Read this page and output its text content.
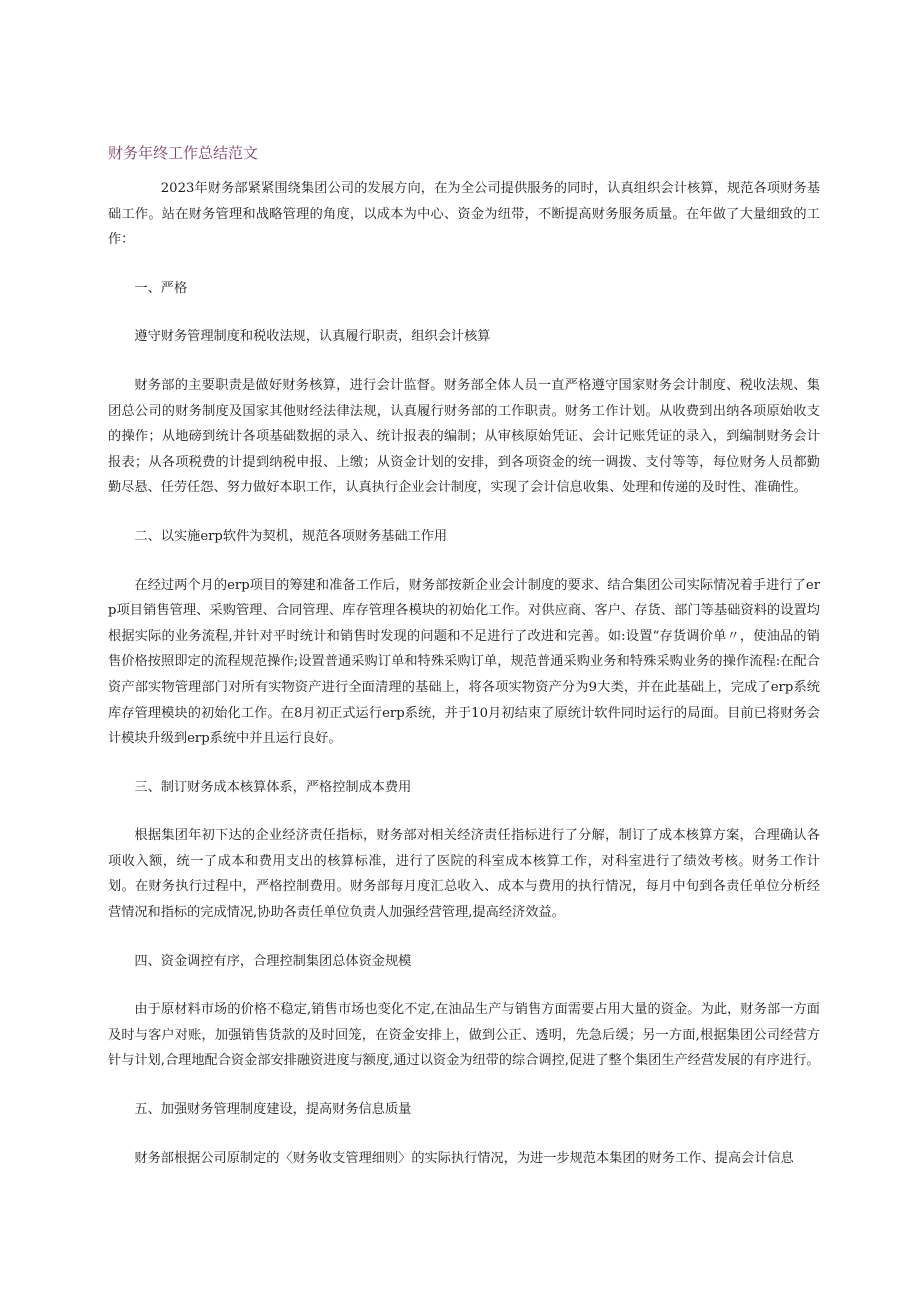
财务年终工作总结范文

2023年财务部紧紧围绕集团公司的发展方向，在为全公司提供服务的同时，认真组织会计核算，规范各项财务基础工作。站在财务管理和战略管理的角度，以成本为中心、资金为纽带，不断提高财务服务质量。在年做了大量细致的工作：

一、严格

遵守财务管理制度和税收法规，认真履行职责，组织会计核算

财务部的主要职责是做好财务核算，进行会计监督。财务部全体人员一直严格遵守国家财务会计制度、税收法规、集团总公司的财务制度及国家其他财经法律法规，认真履行财务部的工作职责。财务工作计划。从收费到出纳各项原始收支的操作；从地磅到统计各项基础数据的录入、统计报表的编制；从审核原始凭证、会计记账凭证的录入，到编制财务会计报表；从各项税费的计提到纳税申报、上缴；从资金计划的安排，到各项资金的统一调拨、支付等等，每位财务人员都勤勤尽悬、任劳任怨、努力做好本职工作，认真执行企业会计制度，实现了会计信息收集、处理和传递的及时性、准确性。

二、以实施erp软件为契机，规范各项财务基础工作用

在经过两个月的erp项目的筹建和准备工作后，财务部按新企业会计制度的要求、结合集团公司实际情况着手进行了erp项目销售管理、采购管理、合同管理、库存管理各模块的初始化工作。对供应商、客户、存货、部门等基础资料的设置均根据实际的业务流程,并针对平时统计和销售时发现的问题和不足进行了改进和完善。如:设置“存货调价单〃，使油品的销售价格按照即定的流程规范操作;设置普通采购订单和特殊采购订单，规范普通采购业务和特殊采购业务的操作流程:在配合资产部实物管理部门对所有实物资产进行全面清理的基础上，将各项实物资产分为9大类，并在此基础上，完成了erp系统库存管理模块的初始化工作。在8月初正式运行erp系统，并于10月初结束了原统计软件同时运行的局面。目前已将财务会计模块升级到erp系统中并且运行良好。

三、制订财务成本核算体系，严格控制成本费用

根据集团年初下达的企业经济责任指标，财务部对相关经济责任指标进行了分解，制订了成本核算方案，合理确认各项收入额，统一了成本和费用支出的核算标准，进行了医院的科室成本核算工作，对科室进行了绩效考核。财务工作计划。在财务执行过程中，严格控制费用。财务部每月度汇总收入、成本与费用的执行情况，每月中旬到各责任单位分析经营情况和指标的完成情况,协助各责任单位负责人加强经营管理,提高经济效益。

四、资金调控有序，合理控制集团总体资金规模

由于原材料市场的价格不稳定,销售市场也变化不定,在油品生产与销售方面需要占用大量的资金。为此，财务部一方面及时与客户对账，加强销售货款的及时回笼，在资金安排上，做到公正、透明，先急后缓；另一方面,根据集团公司经营方针与计划,合理地配合资金部安排融资进度与额度,通过以资金为纽带的综合调控,促进了整个集团生产经营发展的有序进行。

五、加强财务管理制度建设，提高财务信息质量

财务部根据公司原制定的〈财务收支管理细则〉的实际执行情况，为进一步规范本集团的财务工作、提高会计信息
